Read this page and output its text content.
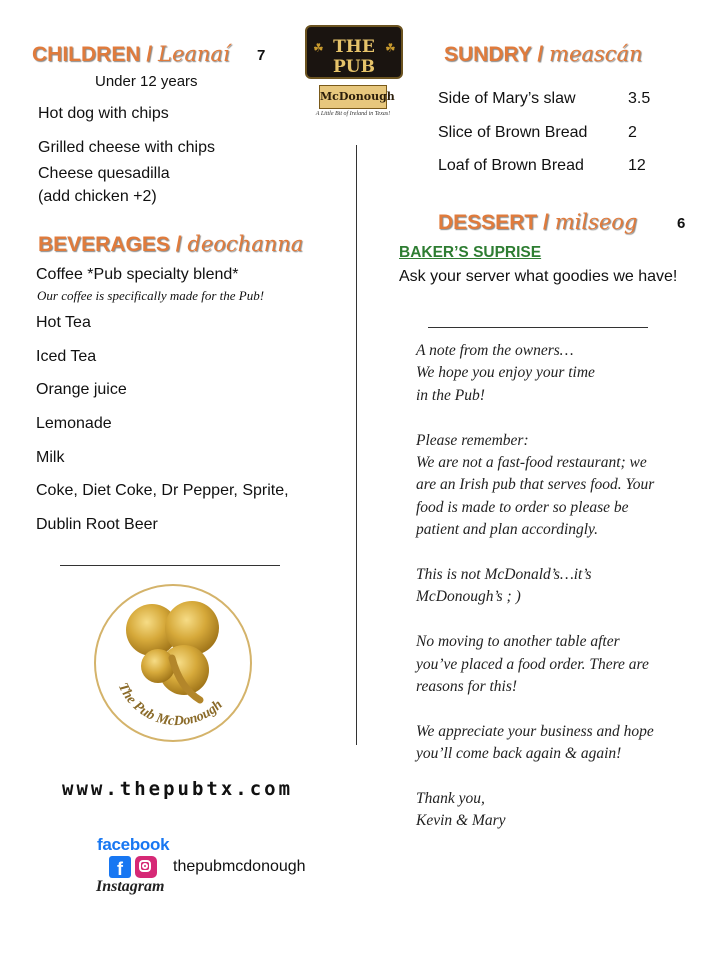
CHILDREN / Leanaí 7
Under 12 years
Hot dog with chips
Grilled cheese with chips
Cheese quesadilla
(add chicken +2)
☘ THE PUB
☘
McDonough
A Little Bit of Ireland in Texas!
SUNDRY / meascán
Side of Mary’s slaw	3.5
Slice of Brown Bread	2
Loaf of Brown Bread	12
DESSERT / milseog	6
BAKER’S SUPRISE
Ask your server what goodies we have!
BEVERAGES / deochanna
Coffee *Pub specialty blend*
Our coffee is specifically made for the Pub!
Hot Tea
Iced Tea
Orange juice
Lemonade
Milk
Coke, Diet Coke, Dr Pepper, Sprite,
Dublin Root Beer
The Pub McDonough
www.thepubtx.com
facebook
f
Instagram
thepubmcdonough

A note from the owners…

We hope you enjoy your time

in the Pub!

Please remember:

We are not a fast-food restaurant; we

are an Irish pub that serves food. Your

food is made to order so please be

patient and plan accordingly.

This is not McDonald’s…it’s

McDonough’s ; )

No moving to another table after

you’ve placed a food order. There are

reasons for this!

We appreciate your business and hope

you’ll come back again & again!

Thank you,

Kevin & Mary
